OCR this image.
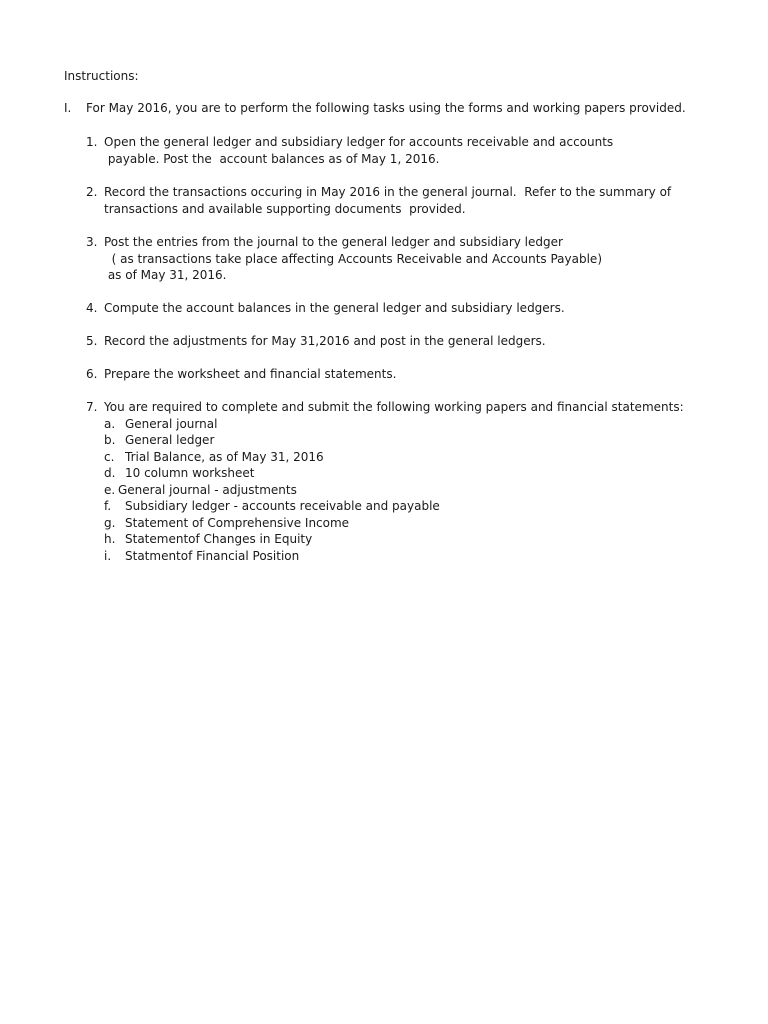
Instructions:
I. For May 2016, you are to perform the following tasks using the forms and working papers provided.
1. Open the general ledger and subsidiary ledger for accounts receivable and accounts
payable. Post the  account balances as of May 1, 2016.
2. Record the transactions occuring in May 2016 in the general journal.  Refer to the summary of
transactions and available supporting documents  provided.
3. Post the entries from the journal to the general ledger and subsidiary ledger
( as transactions take place affecting Accounts Receivable and Accounts Payable)
as of May 31, 2016.
4. Compute the account balances in the general ledger and subsidiary ledgers.
5. Record the adjustments for May 31,2016 and post in the general ledgers.
6. Prepare the worksheet and financial statements.
7. You are required to complete and submit the following working papers and financial statements:
a. General journal
b. General ledger
c. Trial Balance, as of May 31, 2016
d. 10 column worksheet
e. General journal - adjustments
f. Subsidiary ledger - accounts receivable and payable
g. Statement of Comprehensive Income
h. Statementof Changes in Equity
i. Statmentof Financial Position
